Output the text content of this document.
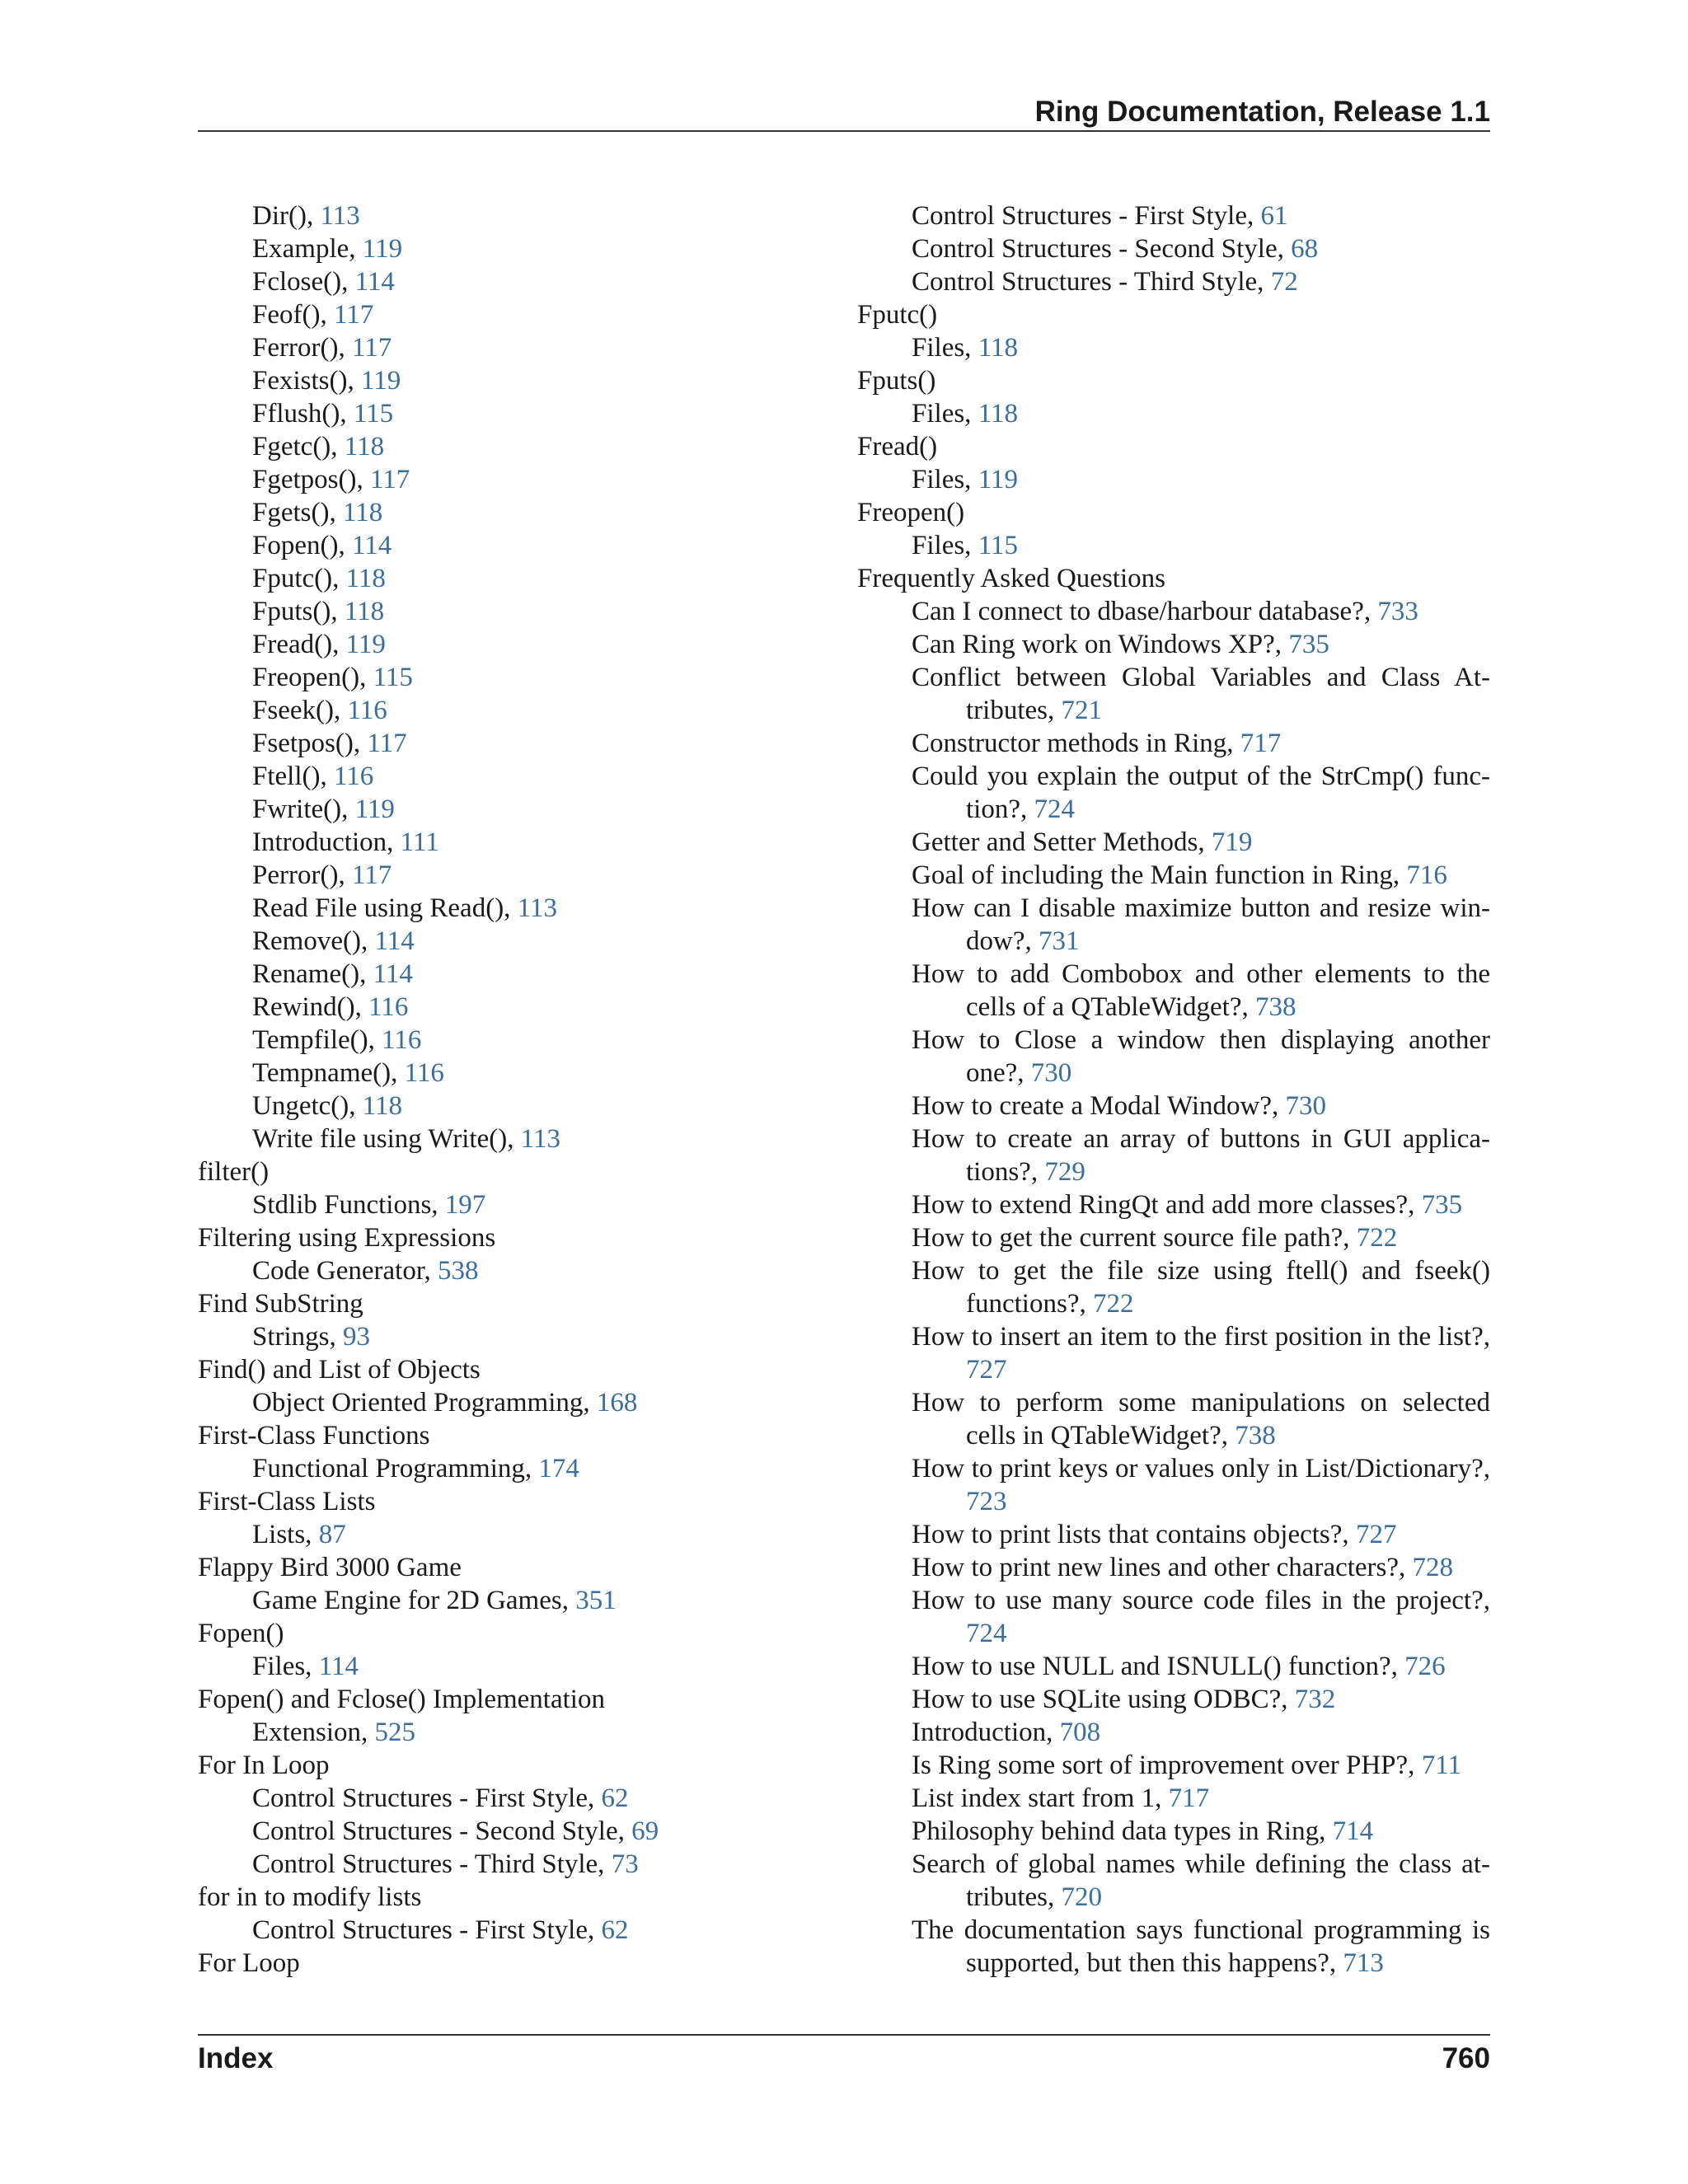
Ring Documentation, Release 1.1
Dir(), 113
Example, 119
Fclose(), 114
Feof(), 117
Ferror(), 117
Fexists(), 119
Fflush(), 115
Fgetc(), 118
Fgetpos(), 117
Fgets(), 118
Fopen(), 114
Fputc(), 118
Fputs(), 118
Fread(), 119
Freopen(), 115
Fseek(), 116
Fsetpos(), 117
Ftell(), 116
Fwrite(), 119
Introduction, 111
Perror(), 117
Read File using Read(), 113
Remove(), 114
Rename(), 114
Rewind(), 116
Tempfile(), 116
Tempname(), 116
Ungetc(), 118
Write file using Write(), 113
filter()
Stdlib Functions, 197
Filtering using Expressions
Code Generator, 538
Find SubString
Strings, 93
Find() and List of Objects
Object Oriented Programming, 168
First-Class Functions
Functional Programming, 174
First-Class Lists
Lists, 87
Flappy Bird 3000 Game
Game Engine for 2D Games, 351
Fopen()
Files, 114
Fopen() and Fclose() Implementation
Extension, 525
For In Loop
Control Structures - First Style, 62
Control Structures - Second Style, 69
Control Structures - Third Style, 73
for in to modify lists
Control Structures - First Style, 62
For Loop
Control Structures - First Style, 61
Control Structures - Second Style, 68
Control Structures - Third Style, 72
Fputc()
Files, 118
Fputs()
Files, 118
Fread()
Files, 119
Freopen()
Files, 115
Frequently Asked Questions
Can I connect to dbase/harbour database?, 733
Can Ring work on Windows XP?, 735
Conflict between Global Variables and Class Attributes, 721
Constructor methods in Ring, 717
Could you explain the output of the StrCmp() function?, 724
Getter and Setter Methods, 719
Goal of including the Main function in Ring, 716
How can I disable maximize button and resize window?, 731
How to add Combobox and other elements to the cells of a QTableWidget?, 738
How to Close a window then displaying another one?, 730
How to create a Modal Window?, 730
How to create an array of buttons in GUI applications?, 729
How to extend RingQt and add more classes?, 735
How to get the current source file path?, 722
How to get the file size using ftell() and fseek() functions?, 722
How to insert an item to the first position in the list?, 727
How to perform some manipulations on selected cells in QTableWidget?, 738
How to print keys or values only in List/Dictionary?, 723
How to print lists that contains objects?, 727
How to print new lines and other characters?, 728
How to use many source code files in the project?, 724
How to use NULL and ISNULL() function?, 726
How to use SQLite using ODBC?, 732
Introduction, 708
Is Ring some sort of improvement over PHP?, 711
List index start from 1, 717
Philosophy behind data types in Ring, 714
Search of global names while defining the class attributes, 720
The documentation says functional programming is supported, but then this happens?, 713
Index	760
